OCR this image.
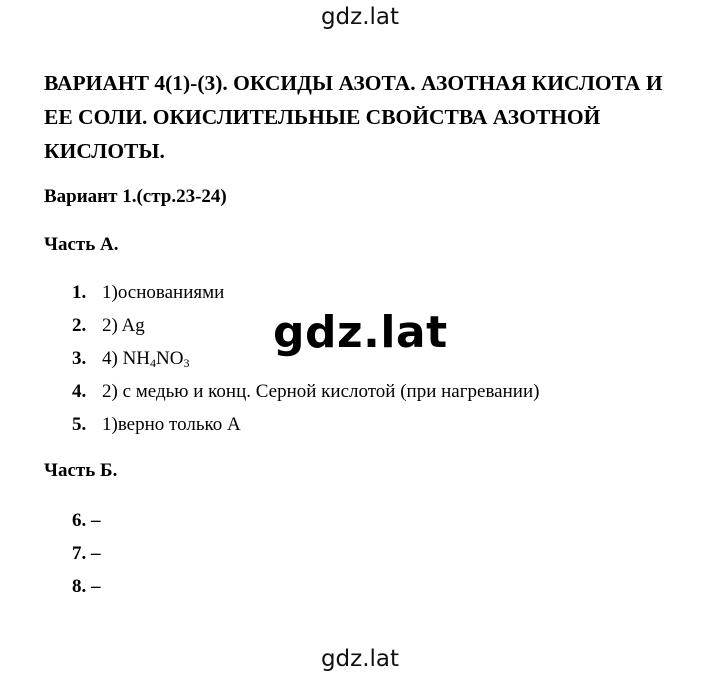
gdz.lat
ВАРИАНТ 4(1)-(3). ОКСИДЫ АЗОТА. АЗОТНАЯ КИСЛОТА И ЕЕ СОЛИ. ОКИСЛИТЕЛЬНЫЕ СВОЙСТВА АЗОТНОЙ КИСЛОТЫ.
Вариант 1.(стр.23-24)
Часть А.
1. 1)основаниями
2. 2) Ag
3. 4) $NH_4NO_3$
4. 2) с медью и конц. Серной кислотой (при нагревании)
5. 1)верно только А
gdz.lat
Часть Б.
6. –
7. –
8. –
gdz.lat
